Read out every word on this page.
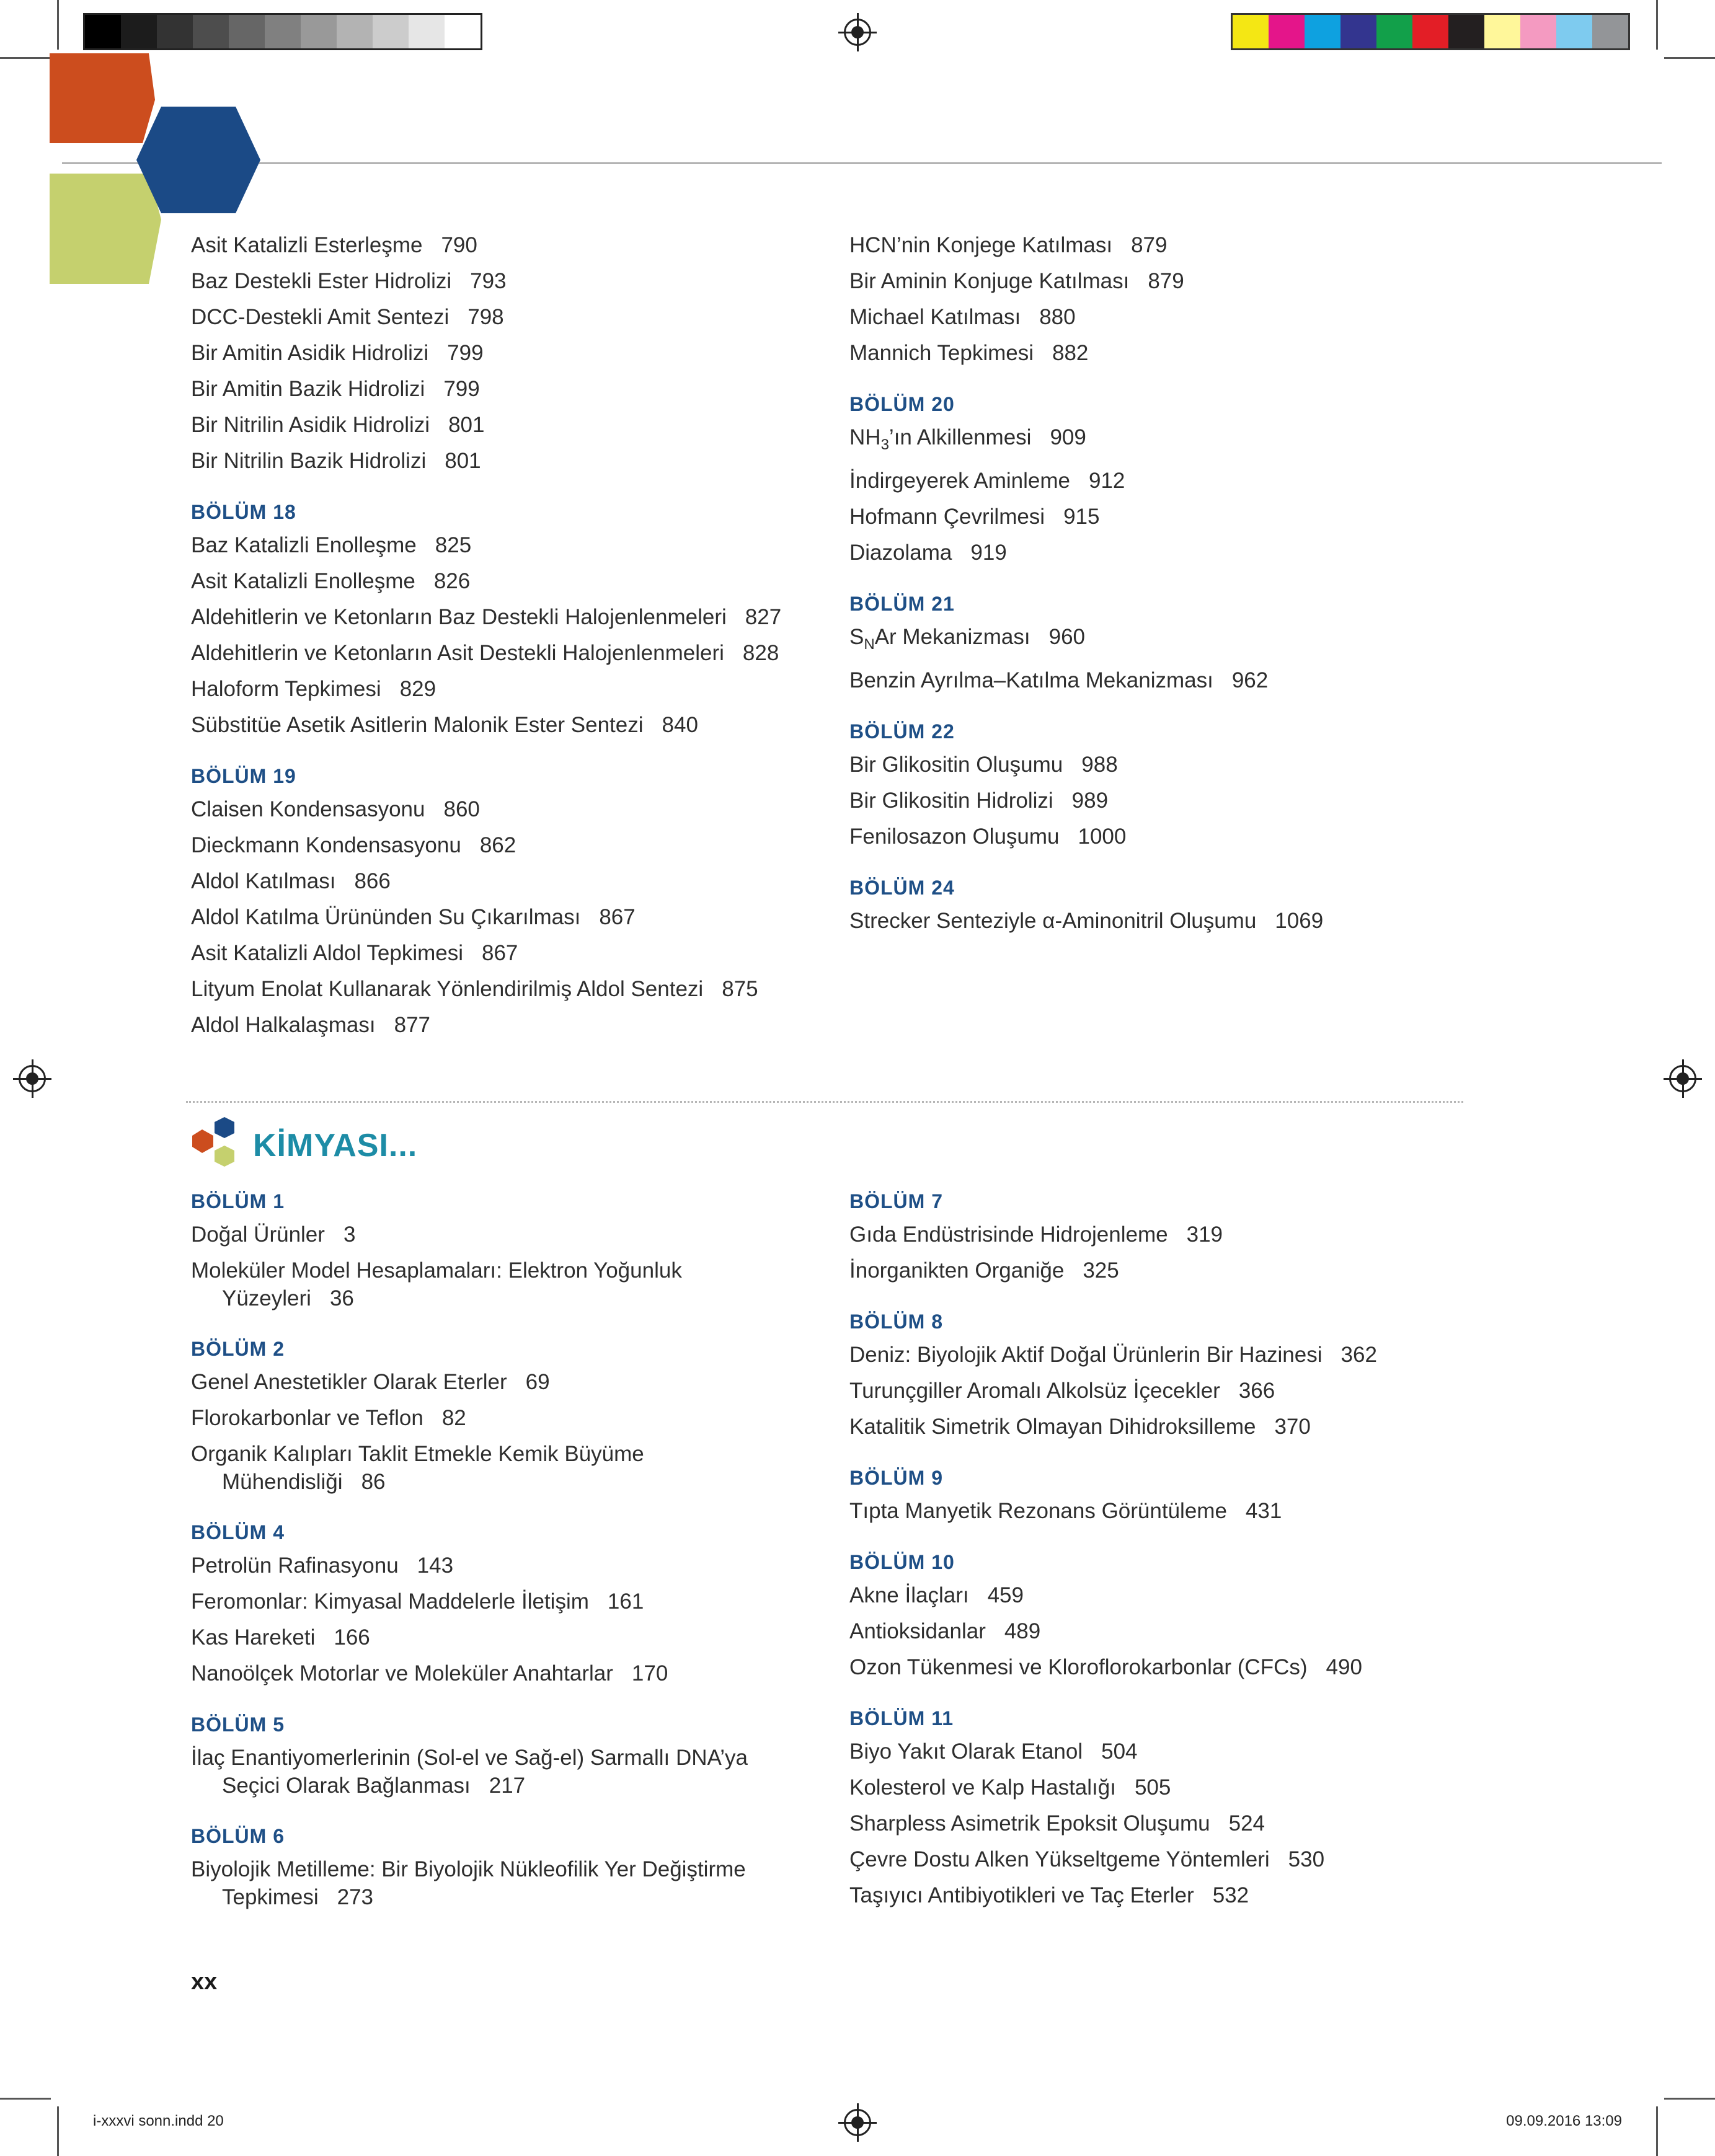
Asit Katalizli Esterleşme 790
Baz Destekli Ester Hidrolizi 793
DCC-Destekli Amit Sentezi 798
Bir Amitin Asidik Hidrolizi 799
Bir Amitin Bazik Hidrolizi 799
Bir Nitrilin Asidik Hidrolizi 801
Bir Nitrilin Bazik Hidrolizi 801
BÖLÜM 18
Baz Katalizli Enolleşme 825
Asit Katalizli Enolleşme 826
Aldehitlerin ve Ketonların Baz Destekli Halojenlenmeleri 827
Aldehitlerin ve Ketonların Asit Destekli Halojenlenmeleri 828
Haloform Tepkimesi 829
Sübstitüe Asetik Asitlerin Malonik Ester Sentezi 840
BÖLÜM 19
Claisen Kondensasyonu 860
Dieckmann Kondensasyonu 862
Aldol Katılması 866
Aldol Katılma Ürününden Su Çıkarılması 867
Asit Katalizli Aldol Tepkimesi 867
Lityum Enolat Kullanarak Yönlendirilmiş Aldol Sentezi 875
Aldol Halkalaşması 877
HCN’nin Konjege Katılması 879
Bir Aminin Konjuge Katılması 879
Michael Katılması 880
Mannich Tepkimesi 882
BÖLÜM 20
$NH_3’ın$ Alkillenmesi 909
İndirgeyerek Aminleme 912
Hofmann Çevrilmesi 915
Diazolama 919
BÖLÜM 21
$S_NAr$ Mekanizması 960
Benzin Ayrılma–Katılma Mekanizması 962
BÖLÜM 22
Bir Glikositin Oluşumu 988
Bir Glikositin Hidrolizi 989
Fenilosazon Oluşumu 1000
BÖLÜM 24
Strecker Senteziyle α-Aminonitril Oluşumu 1069
KİMYASI...
BÖLÜM 1
Doğal Ürünler 3
Moleküler Model Hesaplamaları: Elektron Yoğunluk
Yüzeyleri 36
BÖLÜM 2
Genel Anestetikler Olarak Eterler 69
Florokarbonlar ve Teflon 82
Organik Kalıpları Taklit Etmekle Kemik Büyüme
Mühendisliği 86
BÖLÜM 4
Petrolün Rafinasyonu 143
Feromonlar: Kimyasal Maddelerle İletişim 161
Kas Hareketi 166
Nanoölçek Motorlar ve Moleküler Anahtarlar 170
BÖLÜM 5
İlaç Enantiyomerlerinin (Sol-el ve Sağ-el) Sarmallı DNA’ya
Seçici Olarak Bağlanması 217
BÖLÜM 6
Biyolojik Metilleme: Bir Biyolojik Nükleofilik Yer Değiştirme
Tepkimesi 273
BÖLÜM 7
Gıda Endüstrisinde Hidrojenleme 319
İnorganikten Organiğe 325
BÖLÜM 8
Deniz: Biyolojik Aktif Doğal Ürünlerin Bir Hazinesi 362
Turunçgiller Aromalı Alkolsüz İçecekler 366
Katalitik Simetrik Olmayan Dihidroksilleme 370
BÖLÜM 9
Tıpta Manyetik Rezonans Görüntüleme 431
BÖLÜM 10
Akne İlaçları 459
Antioksidanlar 489
Ozon Tükenmesi ve Kloroflorokarbonlar (CFCs) 490
BÖLÜM 11
Biyo Yakıt Olarak Etanol 504
Kolesterol ve Kalp Hastalığı 505
Sharpless Asimetrik Epoksit Oluşumu 524
Çevre Dostu Alken Yükseltgeme Yöntemleri 530
Taşıyıcı Antibiyotikleri ve Taç Eterler 532
xx
i-xxxvi sonn.indd 20	09.09.2016 13:09
